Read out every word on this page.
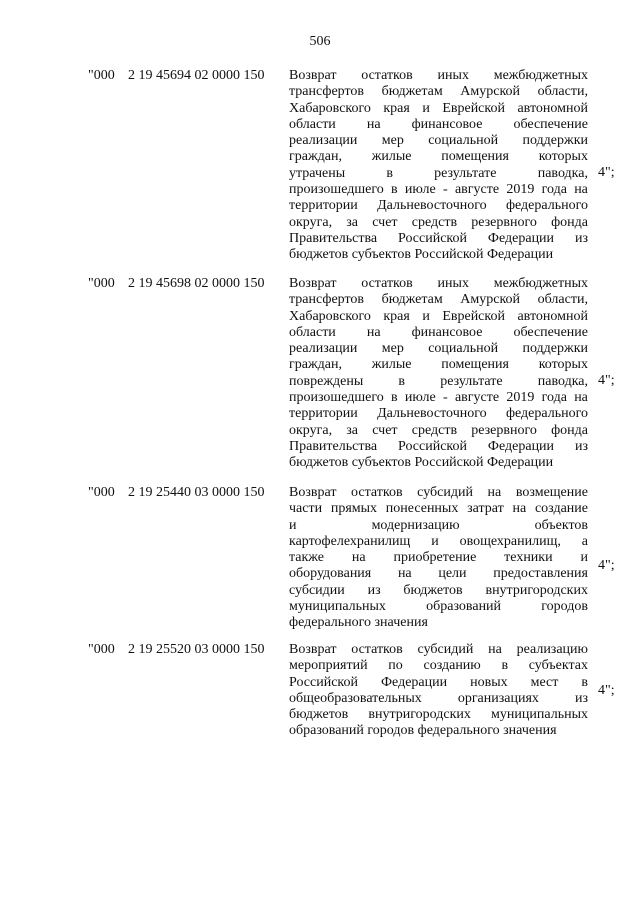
506
"000 2 19 45694 02 0000 150 Возврат остатков иных межбюджетных
трансфертов бюджетам Амурской области,
Хабаровского края и Еврейской автономной
области на финансовое обеспечение
реализации мер социальной поддержки
граждан, жилые помещения которых
утрачены	в	результате	паводка,
произошедшего в июле - августе 2019 года на
территории Дальневосточного федерального
округа, за счет средств резервного фонда
Правительства Российской Федерации из
бюджетов субъектов Российской Федерации
4";
"000 2 19 45698 02 0000 150 Возврат остатков иных межбюджетных
трансфертов бюджетам Амурской области,
Хабаровского края и Еврейской автономной
области на финансовое обеспечение
реализации мер социальной поддержки
граждан, жилые помещения которых
повреждены	в	результате	паводка,
произошедшего в июле - августе 2019 года на
территории Дальневосточного федерального
округа, за счет средств резервного фонда
Правительства Российской Федерации из
бюджетов субъектов Российской Федерации
4";
"000 2 19 25440 03 0000 150 Возврат остатков субсидий на возмещение
части прямых понесенных затрат на создание
и	модернизацию	объектов
картофелехранилищ и овощехранилищ, а
также на приобретение техники и
оборудования на цели предоставления
субсидии из бюджетов внутригородских
муниципальных	образований	городов
федерального значения
4";
"000 2 19 25520 03 0000 150 Возврат остатков субсидий на реализацию
мероприятий по созданию в субъектах
Российской Федерации новых мест в
общеобразовательных	организациях	из
бюджетов внутригородских муниципальных
образований городов федерального значения
4";
